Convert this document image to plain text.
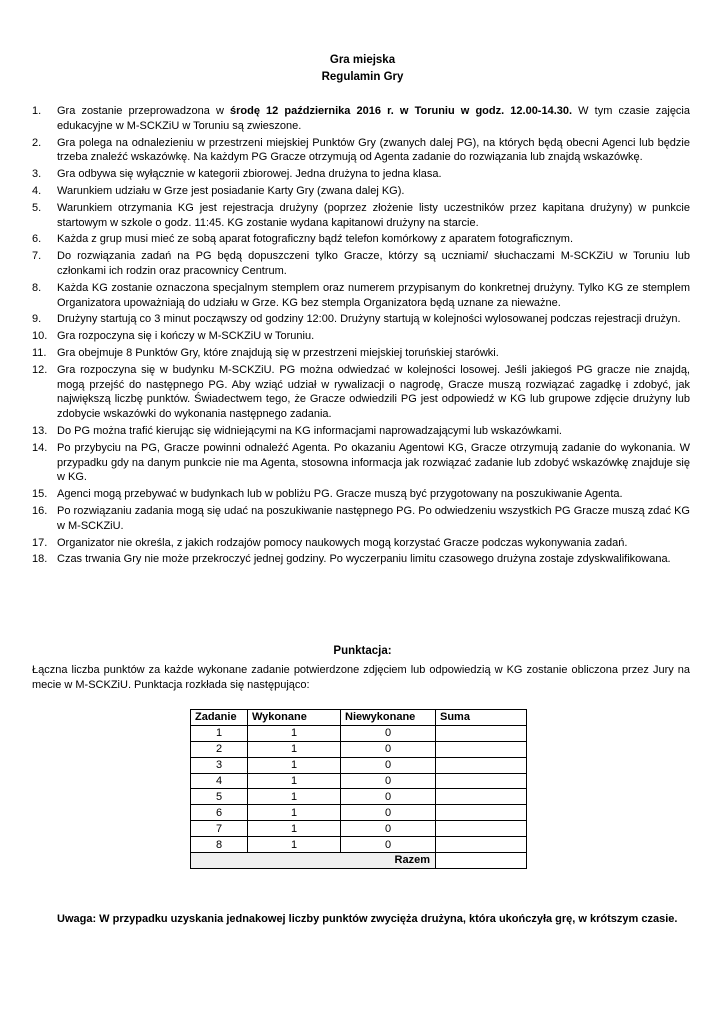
Gra miejska
Regulamin Gry
1. Gra zostanie przeprowadzona w środę 12 października 2016 r. w Toruniu w godz. 12.00-14.30. W tym czasie zajęcia edukacyjne w M-SCKZiU w Toruniu są zwieszone.
2. Gra polega na odnalezieniu w przestrzeni miejskiej Punktów Gry (zwanych dalej PG), na których będą obecni Agenci lub będzie trzeba znaleźć wskazówkę. Na każdym PG Gracze otrzymują od Agenta zadanie do rozwiązania lub znajdą wskazówkę.
3. Gra odbywa się wyłącznie w kategorii zbiorowej. Jedna drużyna to jedna klasa.
4. Warunkiem udziału w Grze jest posiadanie Karty Gry (zwana dalej KG).
5. Warunkiem otrzymania KG jest rejestracja drużyny (poprzez złożenie listy uczestników przez kapitana drużyny) w punkcie startowym w szkole o godz. 11:45. KG zostanie wydana kapitanowi drużyny na starcie.
6. Każda z grup musi mieć ze sobą aparat fotograficzny bądź telefon komórkowy z aparatem fotograficznym.
7. Do rozwiązania zadań na PG będą dopuszczeni tylko Gracze, którzy są uczniami/ słuchaczami M-SCKZiU w Toruniu lub członkami ich rodzin oraz pracownicy Centrum.
8. Każda KG zostanie oznaczona specjalnym stemplem oraz numerem przypisanym do konkretnej drużyny. Tylko KG ze stemplem Organizatora upoważniają do udziału w Grze. KG bez stempla Organizatora będą uznane za nieważne.
9. Drużyny startują co 3 minut począwszy od godziny 12:00. Drużyny startują w kolejności wylosowanej podczas rejestracji drużyn.
10. Gra rozpoczyna się i kończy w M-SCKZiU w Toruniu.
11. Gra obejmuje 8 Punktów Gry, które znajdują się w przestrzeni miejskiej toruńskiej starówki.
12. Gra rozpoczyna się w budynku M-SCKZiU. PG można odwiedzać w kolejności losowej. Jeśli jakiegoś PG gracze nie znajdą, mogą przejść do następnego PG. Aby wziąć udział w rywalizacji o nagrodę, Gracze muszą rozwiązać zagadkę i zdobyć, jak największą liczbę punktów. Świadectwem tego, że Gracze odwiedzili PG jest odpowiedź w KG lub grupowe zdjęcie drużyny lub zdobycie wskazówki do wykonania następnego zadania.
13. Do PG można trafić kierując się widniejącymi na KG informacjami naprowadzającymi lub wskazówkami.
14. Po przybyciu na PG, Gracze powinni odnaleźć Agenta. Po okazaniu Agentowi KG, Gracze otrzymują zadanie do wykonania. W przypadku gdy na danym punkcie nie ma Agenta, stosowna informacja jak rozwiązać zadanie lub zdobyć wskazówkę znajduje się w KG.
15. Agenci mogą przebywać w budynkach lub w pobliżu PG. Gracze muszą być przygotowany na poszukiwanie Agenta.
16. Po rozwiązaniu zadania mogą się udać na poszukiwanie następnego PG. Po odwiedzeniu wszystkich PG Gracze muszą zdać KG w M-SCKZiU.
17. Organizator nie określa, z jakich rodzajów pomocy naukowych mogą korzystać Gracze podczas wykonywania zadań.
18. Czas trwania Gry nie może przekroczyć jednej godziny. Po wyczerpaniu limitu czasowego drużyna zostaje zdyskwalifikowana.
Punktacja:
Łączna liczba punktów za każde wykonane zadanie potwierdzone zdjęciem lub odpowiedzią w KG zostanie obliczona przez Jury na mecie w M-SCKZiU. Punktacja rozkłada się następująco:
Zadanie	Wykonane	Niewykonane	Suma
1	1	0	
2	1	0	
3	1	0	
4	1	0	
5	1	0	
6	1	0	
7	1	0	
8	1	0	
Razem			
Uwaga: W przypadku uzyskania jednakowej liczby punktów zwycięża drużyna, która ukończyła grę, w krótszym czasie.
